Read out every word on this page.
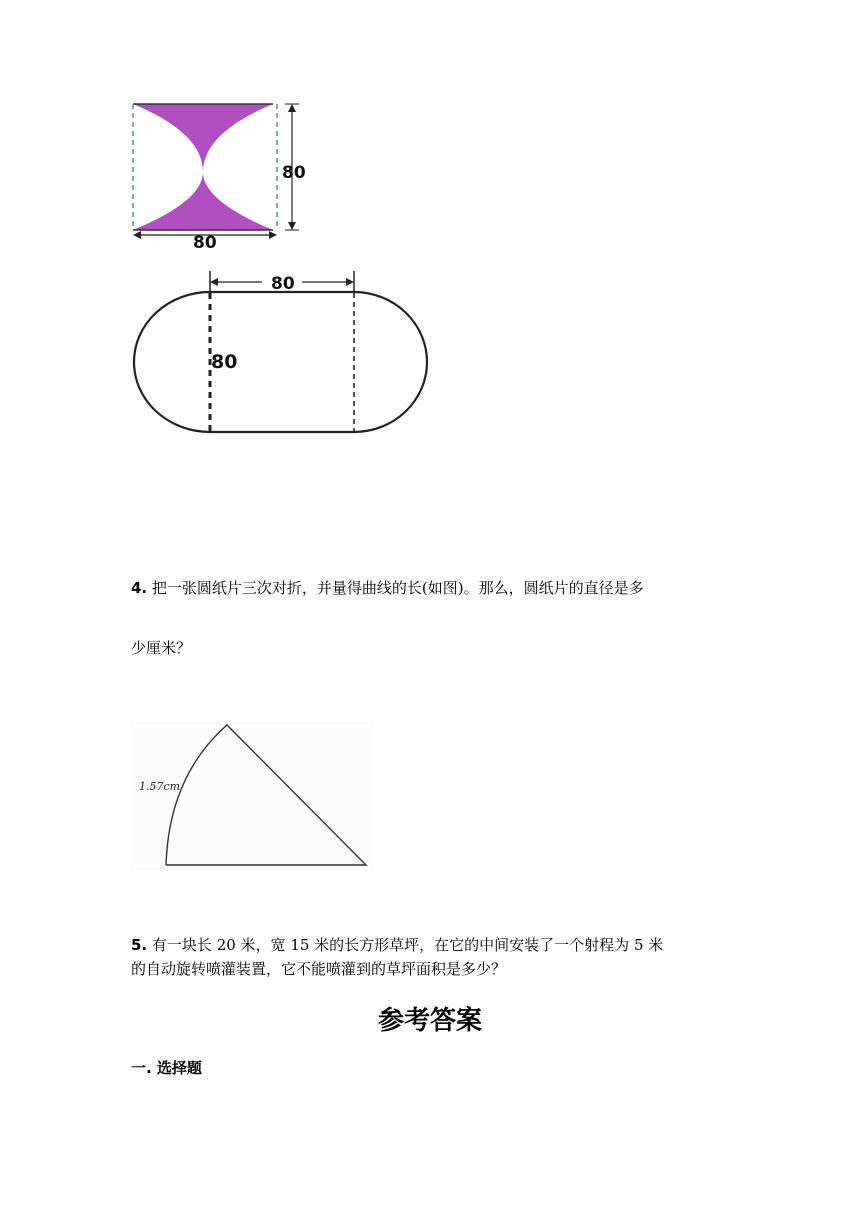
80
80
80
80
4. 把一张圆纸片三次对折，并量得曲线的长(如图)。那么，圆纸片的直径是多
少厘米？
1.57cm
5. 有一块长 20 米，宽 15 米的长方形草坪，在它的中间安装了一个射程为 5 米
的自动旋转喷灌装置，它不能喷灌到的草坪面积是多少？
参考答案
一. 选择题
